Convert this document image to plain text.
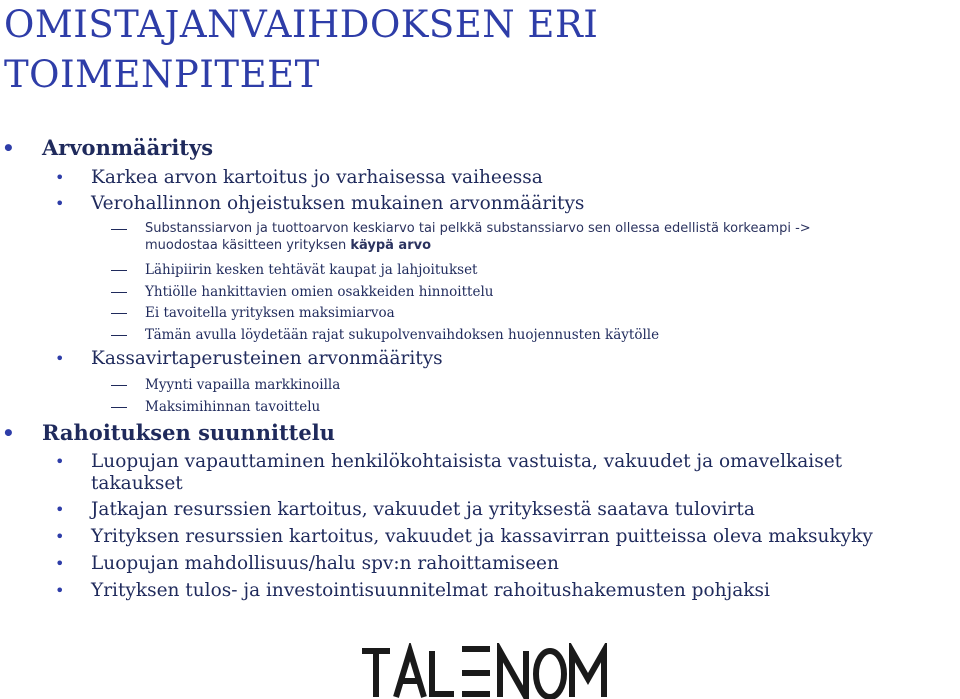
OMISTAJANVAIHDOKSEN ERI
TOIMENPITEET
• Arvonmääritys
• Karkea arvon kartoitus jo varhaisessa vaiheessa
• Verohallinnon ohjeistuksen mukainen arvonmääritys
Substanssiarvon ja tuottoarvon keskiarvo tai pelkkä substanssiarvo sen ollessa edellistä korkeampi ->
muodostaa käsitteen yrityksen käypä arvo
Lähipiirin kesken tehtävät kaupat ja lahjoitukset
Yhtiölle hankittavien omien osakkeiden hinnoittelu
Ei tavoitella yrityksen maksimiarvoa
Tämän avulla löydetään rajat sukupolvenvaihdoksen huojennusten käytölle
• Kassavirtaperusteinen arvonmääritys
Myynti vapailla markkinoilla
Maksimihinnan tavoittelu
• Rahoituksen suunnittelu
• Luopujan vapauttaminen henkilökohtaisista vastuista, vakuudet ja omavelkaiset
takaukset
• Jatkajan resurssien kartoitus, vakuudet ja yrityksestä saatava tulovirta
• Yrityksen resurssien kartoitus, vakuudet ja kassavirran puitteissa oleva maksukyky
• Luopujan mahdollisuus/halu spv:n rahoittamiseen
• Yrityksen tulos- ja investointisuunnitelmat rahoitushakemusten pohjaksi
